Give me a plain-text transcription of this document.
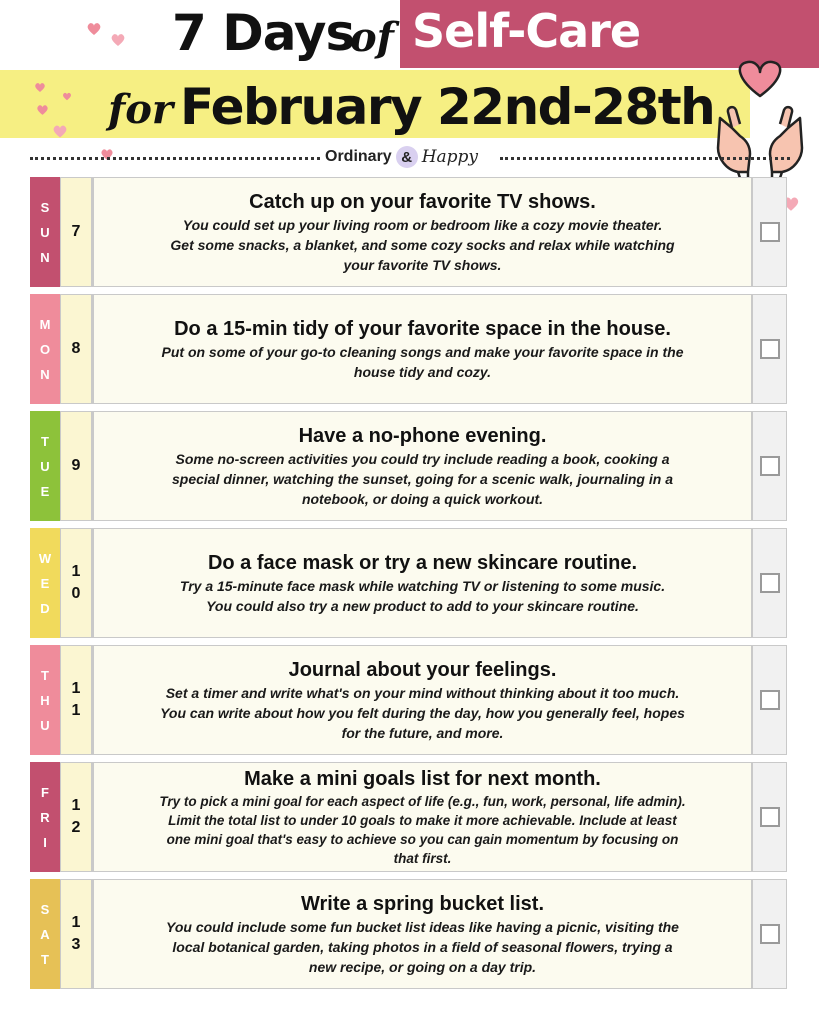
7 Days
of Self-Care
for February 22nd-28th
Ordinary & Happy
S
U
N
7
Catch up on your favorite TV shows.
You could set up your living room or bedroom like a cozy movie theater.
Get some snacks, a blanket, and some cozy socks and relax while watching
your favorite TV shows.
M
O
N
8
Do a 15-min tidy of your favorite space in the house.
Put on some of your go-to cleaning songs and make your favorite space in the
house tidy and cozy.
T
U
E
9
Have a no-phone evening.
Some no-screen activities you could try include reading a book, cooking a
special dinner, watching the sunset, going for a scenic walk, journaling in a
notebook, or doing a quick workout.
W
E
D
1
0
Do a face mask or try a new skincare routine.
Try a 15-minute face mask while watching TV or listening to some music.
You could also try a new product to add to your skincare routine.
T
H
U
1
1
Journal about your feelings.
Set a timer and write what's on your mind without thinking about it too much.
You can write about how you felt during the day, how you generally feel, hopes
for the future, and more.
F
R
I
1
2
Make a mini goals list for next month.
Try to pick a mini goal for each aspect of life (e.g., fun, work, personal, life admin).
Limit the total list to under 10 goals to make it more achievable. Include at least
one mini goal that's easy to achieve so you can gain momentum by focusing on
that first.
S
A
T
1
3
Write a spring bucket list.
You could include some fun bucket list ideas like having a picnic, visiting the
local botanical garden, taking photos in a field of seasonal flowers, trying a
new recipe, or going on a day trip.
